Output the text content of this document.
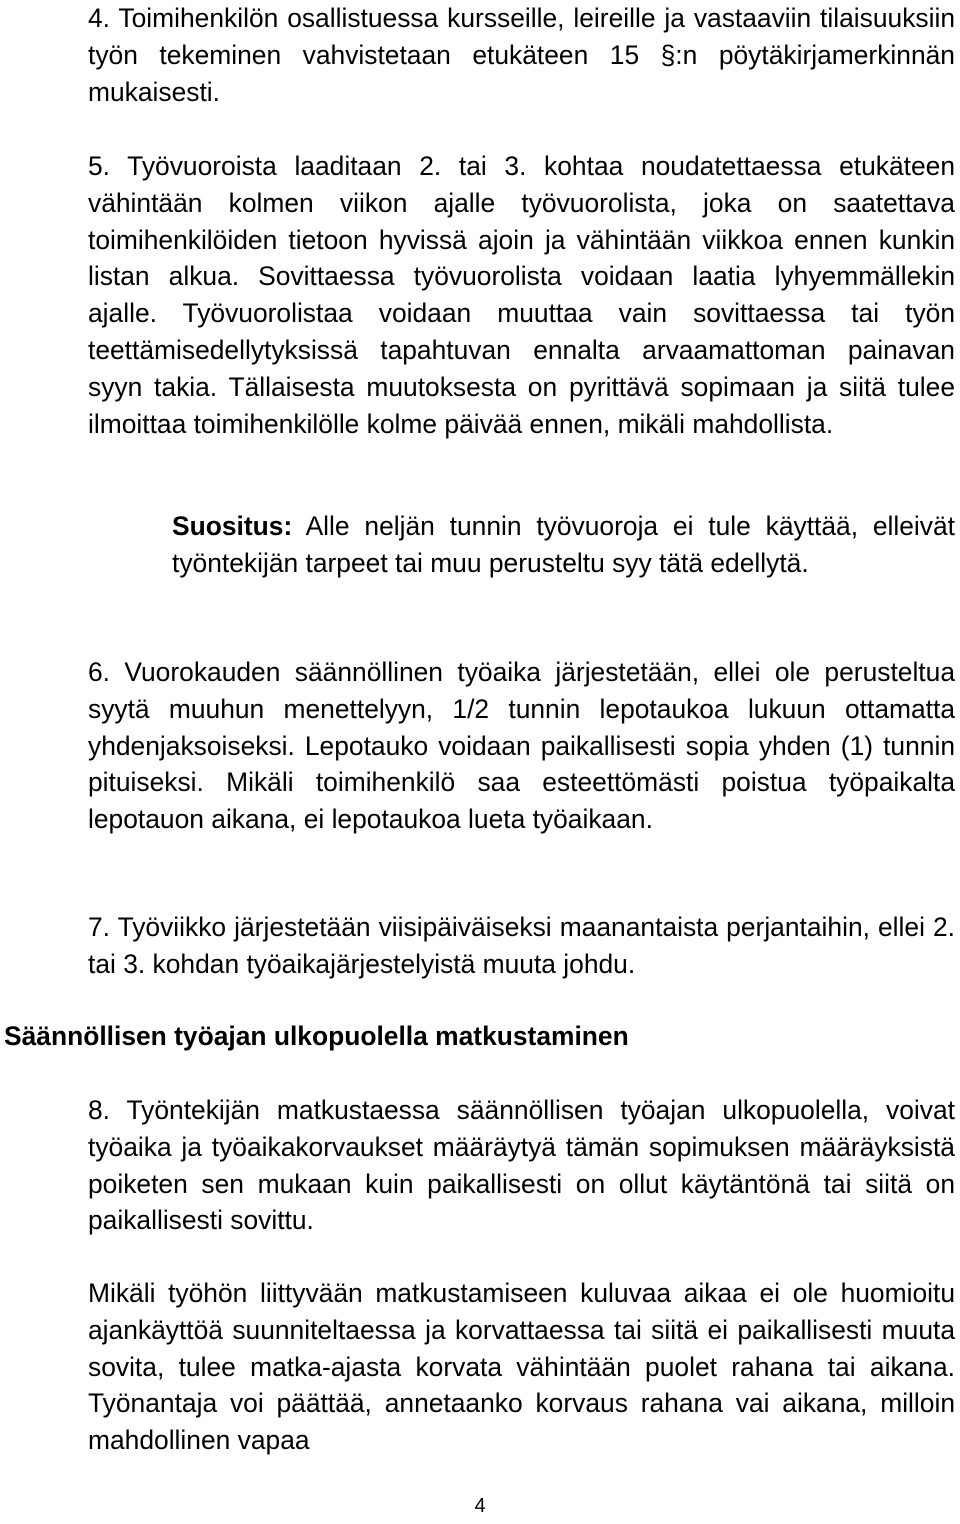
4. Toimihenkilön osallistuessa kursseille, leireille ja vastaaviin tilaisuuksiin työn tekeminen vahvistetaan etukäteen 15 §:n pöytäkirjamerkinnän mukaisesti.

5. Työvuoroista laaditaan 2. tai 3. kohtaa noudatettaessa etukäteen vähintään kolmen viikon ajalle työvuorolista, joka on saatettava toimihenkilöiden tietoon hyvissä ajoin ja vähintään viikkoa ennen kunkin listan alkua. Sovittaessa työvuorolista voidaan laatia lyhyemmällekin ajalle. Työvuorolistaa voidaan muuttaa vain sovittaessa tai työn teettämisedellytyksissä tapahtuvan ennalta arvaamattoman painavan syyn takia. Tällaisesta muutoksesta on pyrittävä sopimaan ja siitä tulee ilmoittaa toimihenkilölle kolme päivää ennen, mikäli mahdollista.

Suositus: Alle neljän tunnin työvuoroja ei tule käyttää, elleivät työntekijän tarpeet tai muu perusteltu syy tätä edellytä.

6. Vuorokauden säännöllinen työaika järjestetään, ellei ole perusteltua syytä muuhun menettelyyn, 1/2 tunnin lepotaukoa lukuun ottamatta yhdenjaksoiseksi. Lepotauko voidaan paikallisesti sopia yhden (1) tunnin pituiseksi. Mikäli toimihenkilö saa esteettömästi poistua työpaikalta lepotauon aikana, ei lepotaukoa lueta työaikaan.

7. Työviikko järjestetään viisipäiväiseksi maanantaista perjantaihin, ellei 2. tai 3. kohdan työaikajärjestelyistä muuta johdu.

Säännöllisen työajan ulkopuolella matkustaminen

8. Työntekijän matkustaessa säännöllisen työajan ulkopuolella, voivat työaika ja työaikakorvaukset määräytyä tämän sopimuksen määräyksistä poiketen sen mukaan kuin paikallisesti on ollut käytäntönä tai siitä on paikallisesti sovittu.

Mikäli työhön liittyvään matkustamiseen kuluvaa aikaa ei ole huomioitu ajankäyttöä suunniteltaessa ja korvattaessa tai siitä ei paikallisesti muuta sovita, tulee matka-ajasta korvata vähintään puolet rahana tai aikana. Työnantaja voi päättää, annetaanko korvaus rahana vai aikana, milloin mahdollinen vapaa

4
